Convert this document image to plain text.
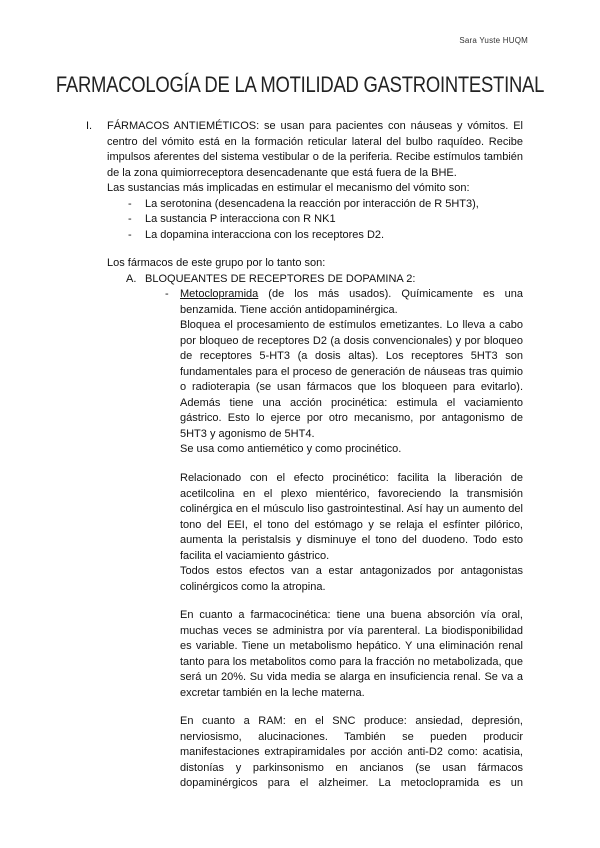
Sara Yuste HUQM
FARMACOLOGÍA DE LA MOTILIDAD GASTROINTESTINAL
I. FÁRMACOS ANTIEMÉTICOS: se usan para pacientes con náuseas y vómitos. El
centro del vómito está en la formación reticular lateral del bulbo raquídeo. Recibe
impulsos aferentes del sistema vestibular o de la periferia. Recibe estímulos también
de la zona quimiorreceptora desencadenante que está fuera de la BHE.
Las sustancias más implicadas en estimular el mecanismo del vómito son:
- La serotonina (desencadena la reacción por interacción de R 5HT3),
- La sustancia P interacciona con R NK1
- La dopamina interacciona con los receptores D2.
Los fármacos de este grupo por lo tanto son:
A. BLOQUEANTES DE RECEPTORES DE DOPAMINA 2:
- Metoclopramida (de los más usados). Químicamente es una
benzamida. Tiene acción antidopaminérgica.
Bloquea el procesamiento de estímulos emetizantes. Lo lleva a cabo
por bloqueo de receptores D2 (a dosis convencionales) y por bloqueo
de receptores 5-HT3 (a dosis altas). Los receptores 5HT3 son
fundamentales para el proceso de generación de náuseas tras quimio
o radioterapia (se usan fármacos que los bloqueen para evitarlo).
Además tiene una acción procinética: estimula el vaciamiento
gástrico. Esto lo ejerce por otro mecanismo, por antagonismo de
5HT3 y agonismo de 5HT4.
Se usa como antiemético y como procinético.
Relacionado con el efecto procinético: facilita la liberación de
acetilcolina en el plexo mientérico, favoreciendo la transmisión
colinérgica en el músculo liso gastrointestinal. Así hay un aumento del
tono del EEI, el tono del estómago y se relaja el esfínter pilórico,
aumenta la peristalsis y disminuye el tono del duodeno. Todo esto
facilita el vaciamiento gástrico.
Todos estos efectos van a estar antagonizados por antagonistas
colinérgicos como la atropina.
En cuanto a farmacocinética: tiene una buena absorción vía oral,
muchas veces se administra por vía parenteral. La biodisponibilidad
es variable. Tiene un metabolismo hepático. Y una eliminación renal
tanto para los metabolitos como para la fracción no metabolizada, que
será un 20%. Su vida media se alarga en insuficiencia renal. Se va a
excretar también en la leche materna.
En cuanto a RAM: en el SNC produce: ansiedad, depresión,
nerviosismo, alucinaciones. También se pueden producir
manifestaciones extrapiramidales por acción anti-D2 como: acatisia,
distonías y parkinsonismo en ancianos (se usan fármacos
dopaminérgicos para el alzheimer. La metoclopramida es un
